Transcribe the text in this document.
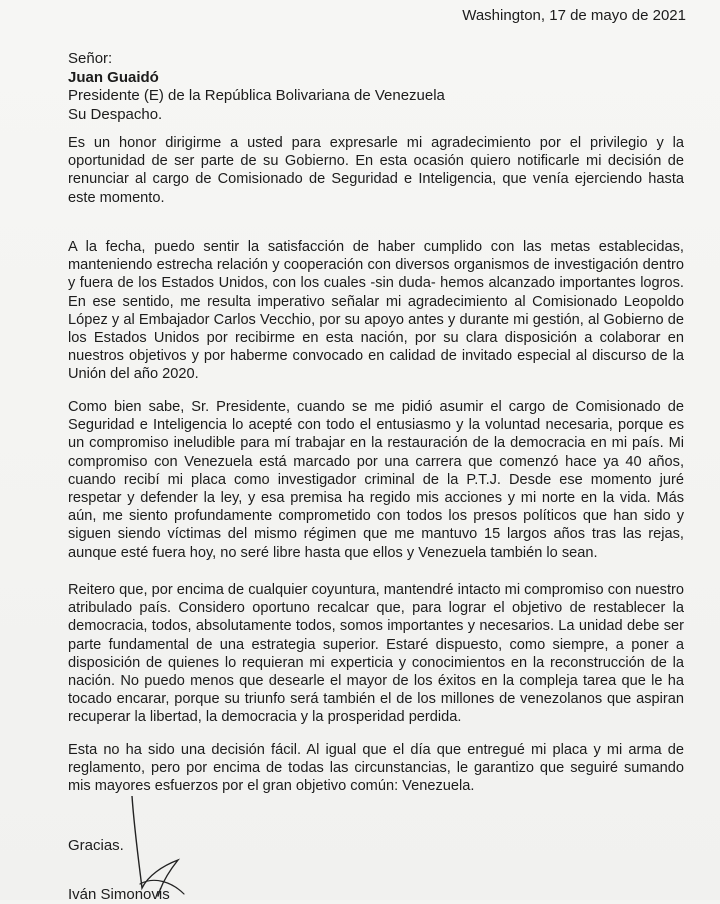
Washington, 17 de mayo de 2021
Señor:
Juan Guaidó
Presidente (E) de la República Bolivariana de Venezuela
Su Despacho.

Es un honor dirigirme a usted para expresarle mi agradecimiento por el privilegio y la oportunidad de ser parte de su Gobierno. En esta ocasión quiero notificarle mi decisión de renunciar al cargo de Comisionado de Seguridad e Inteligencia, que venía ejerciendo hasta este momento.

A la fecha, puedo sentir la satisfacción de haber cumplido con las metas establecidas, manteniendo estrecha relación y cooperación con diversos organismos de investigación dentro y fuera de los Estados Unidos, con los cuales -sin duda- hemos alcanzado importantes logros. En ese sentido, me resulta imperativo señalar mi agradecimiento al Comisionado Leopoldo López y al Embajador Carlos Vecchio, por su apoyo antes y durante mi gestión, al Gobierno de los Estados Unidos por recibirme en esta nación, por su clara disposición a colaborar en nuestros objetivos y por haberme convocado en calidad de invitado especial al discurso de la Unión del año 2020.

Como bien sabe, Sr. Presidente, cuando se me pidió asumir el cargo de Comisionado de Seguridad e Inteligencia lo acepté con todo el entusiasmo y la voluntad necesaria, porque es un compromiso ineludible para mí trabajar en la restauración de la democracia en mi país. Mi compromiso con Venezuela está marcado por una carrera que comenzó hace ya 40 años, cuando recibí mi placa como investigador criminal de la P.T.J. Desde ese momento juré respetar y defender la ley, y esa premisa ha regido mis acciones y mi norte en la vida. Más aún, me siento profundamente comprometido con todos los presos políticos que han sido y siguen siendo víctimas del mismo régimen que me mantuvo 15 largos años tras las rejas, aunque esté fuera hoy, no seré libre hasta que ellos y Venezuela también lo sean.

Reitero que, por encima de cualquier coyuntura, mantendré intacto mi compromiso con nuestro atribulado país. Considero oportuno recalcar que, para lograr el objetivo de restablecer la democracia, todos, absolutamente todos, somos importantes y necesarios. La unidad debe ser parte fundamental de una estrategia superior. Estaré dispuesto, como siempre, a poner a disposición de quienes lo requieran mi experticia y conocimientos en la reconstrucción de la nación. No puedo menos que desearle el mayor de los éxitos en la compleja tarea que le ha tocado encarar, porque su triunfo será también el de los millones de venezolanos que aspiran recuperar la libertad, la democracia y la prosperidad perdida.

Esta no ha sido una decisión fácil. Al igual que el día que entregué mi placa y mi arma de reglamento, pero por encima de todas las circunstancias, le garantizo que seguiré sumando mis mayores esfuerzos por el gran objetivo común: Venezuela.

Gracias.
Iván Simonovis
